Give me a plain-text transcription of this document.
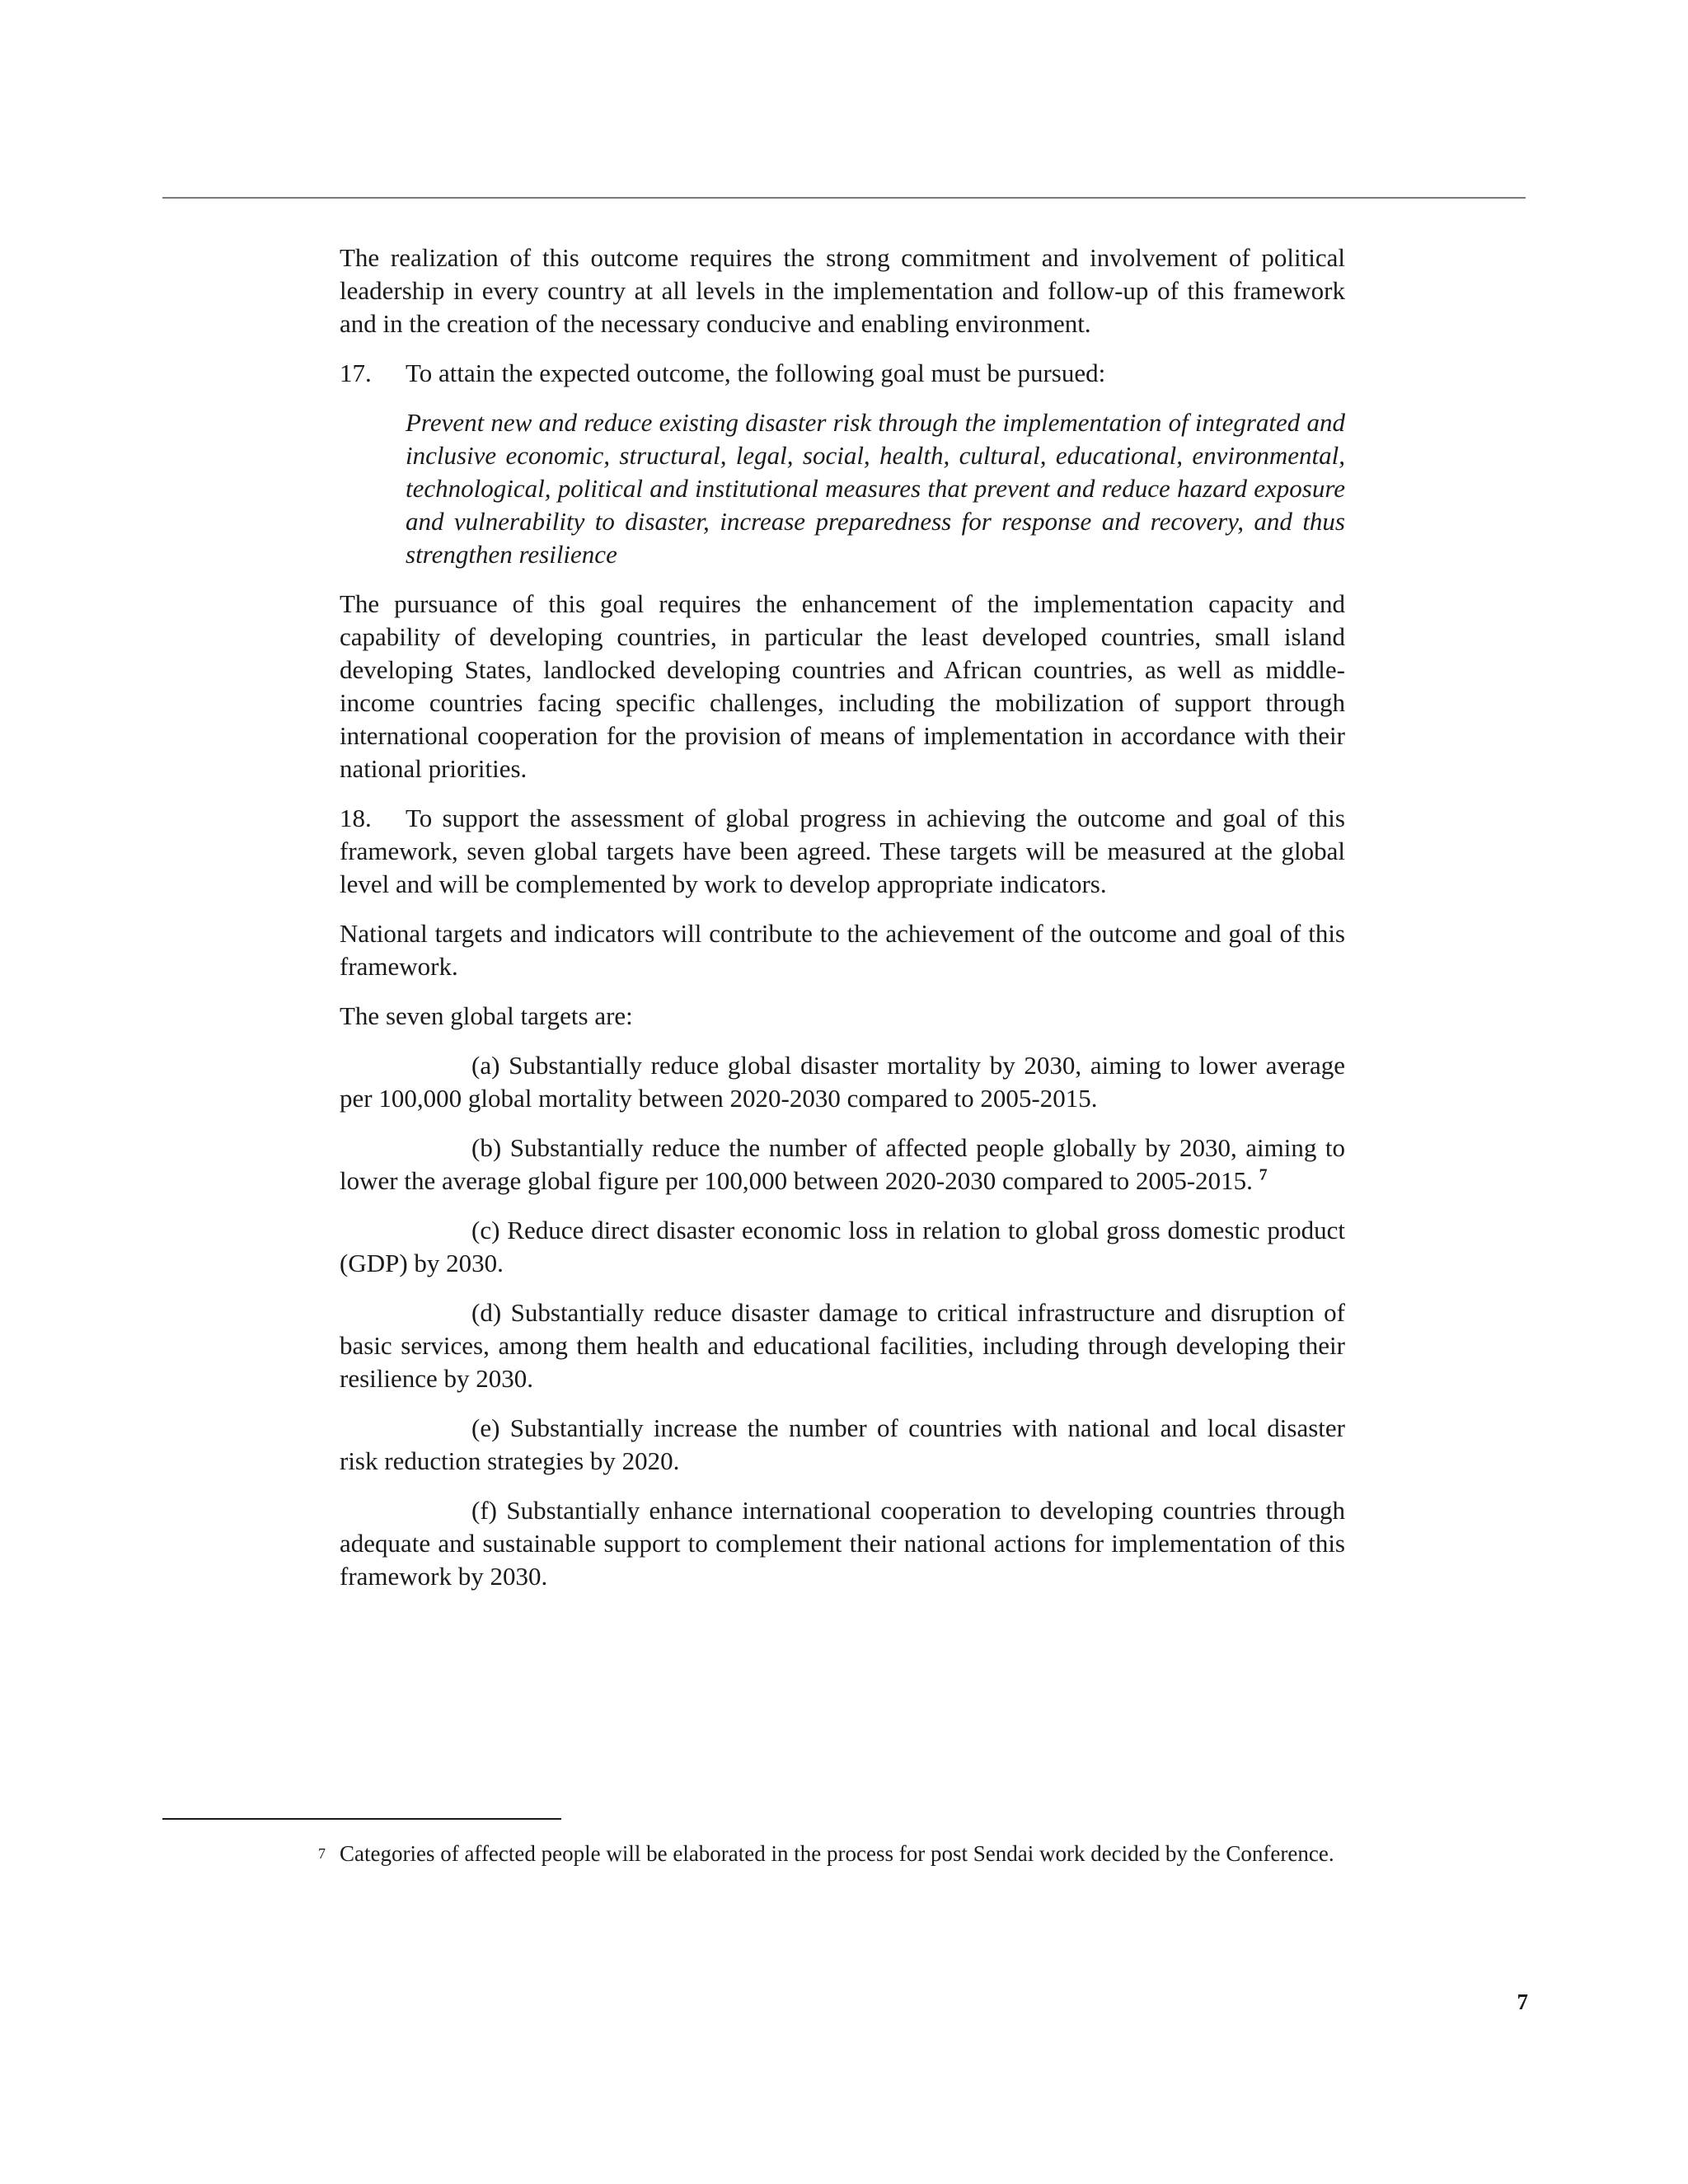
The realization of this outcome requires the strong commitment and involvement of political leadership in every country at all levels in the implementation and follow-up of this framework and in the creation of the necessary conducive and enabling environment.

17. To attain the expected outcome, the following goal must be pursued:

Prevent new and reduce existing disaster risk through the implementation of integrated and inclusive economic, structural, legal, social, health, cultural, educational, environmental, technological, political and institutional measures that prevent and reduce hazard exposure and vulnerability to disaster, increase preparedness for response and recovery, and thus strengthen resilience

The pursuance of this goal requires the enhancement of the implementation capacity and capability of developing countries, in particular the least developed countries, small island developing States, landlocked developing countries and African countries, as well as middle-income countries facing specific challenges, including the mobilization of support through international cooperation for the provision of means of implementation in accordance with their national priorities.

18. To support the assessment of global progress in achieving the outcome and goal of this framework, seven global targets have been agreed. These targets will be measured at the global level and will be complemented by work to develop appropriate indicators.

National targets and indicators will contribute to the achievement of the outcome and goal of this framework.

The seven global targets are:

(a) Substantially reduce global disaster mortality by 2030, aiming to lower average per 100,000 global mortality between 2020-2030 compared to 2005-2015.

(b) Substantially reduce the number of affected people globally by 2030, aiming to lower the average global figure per 100,000 between 2020-2030 compared to 2005-2015. $^7$

(c) Reduce direct disaster economic loss in relation to global gross domestic product (GDP) by 2030.

(d) Substantially reduce disaster damage to critical infrastructure and disruption of basic services, among them health and educational facilities, including through developing their resilience by 2030.

(e) Substantially increase the number of countries with national and local disaster risk reduction strategies by 2020.

(f) Substantially enhance international cooperation to developing countries through adequate and sustainable support to complement their national actions for implementation of this framework by 2030.

7 Categories of affected people will be elaborated in the process for post Sendai work decided by the Conference.
7
